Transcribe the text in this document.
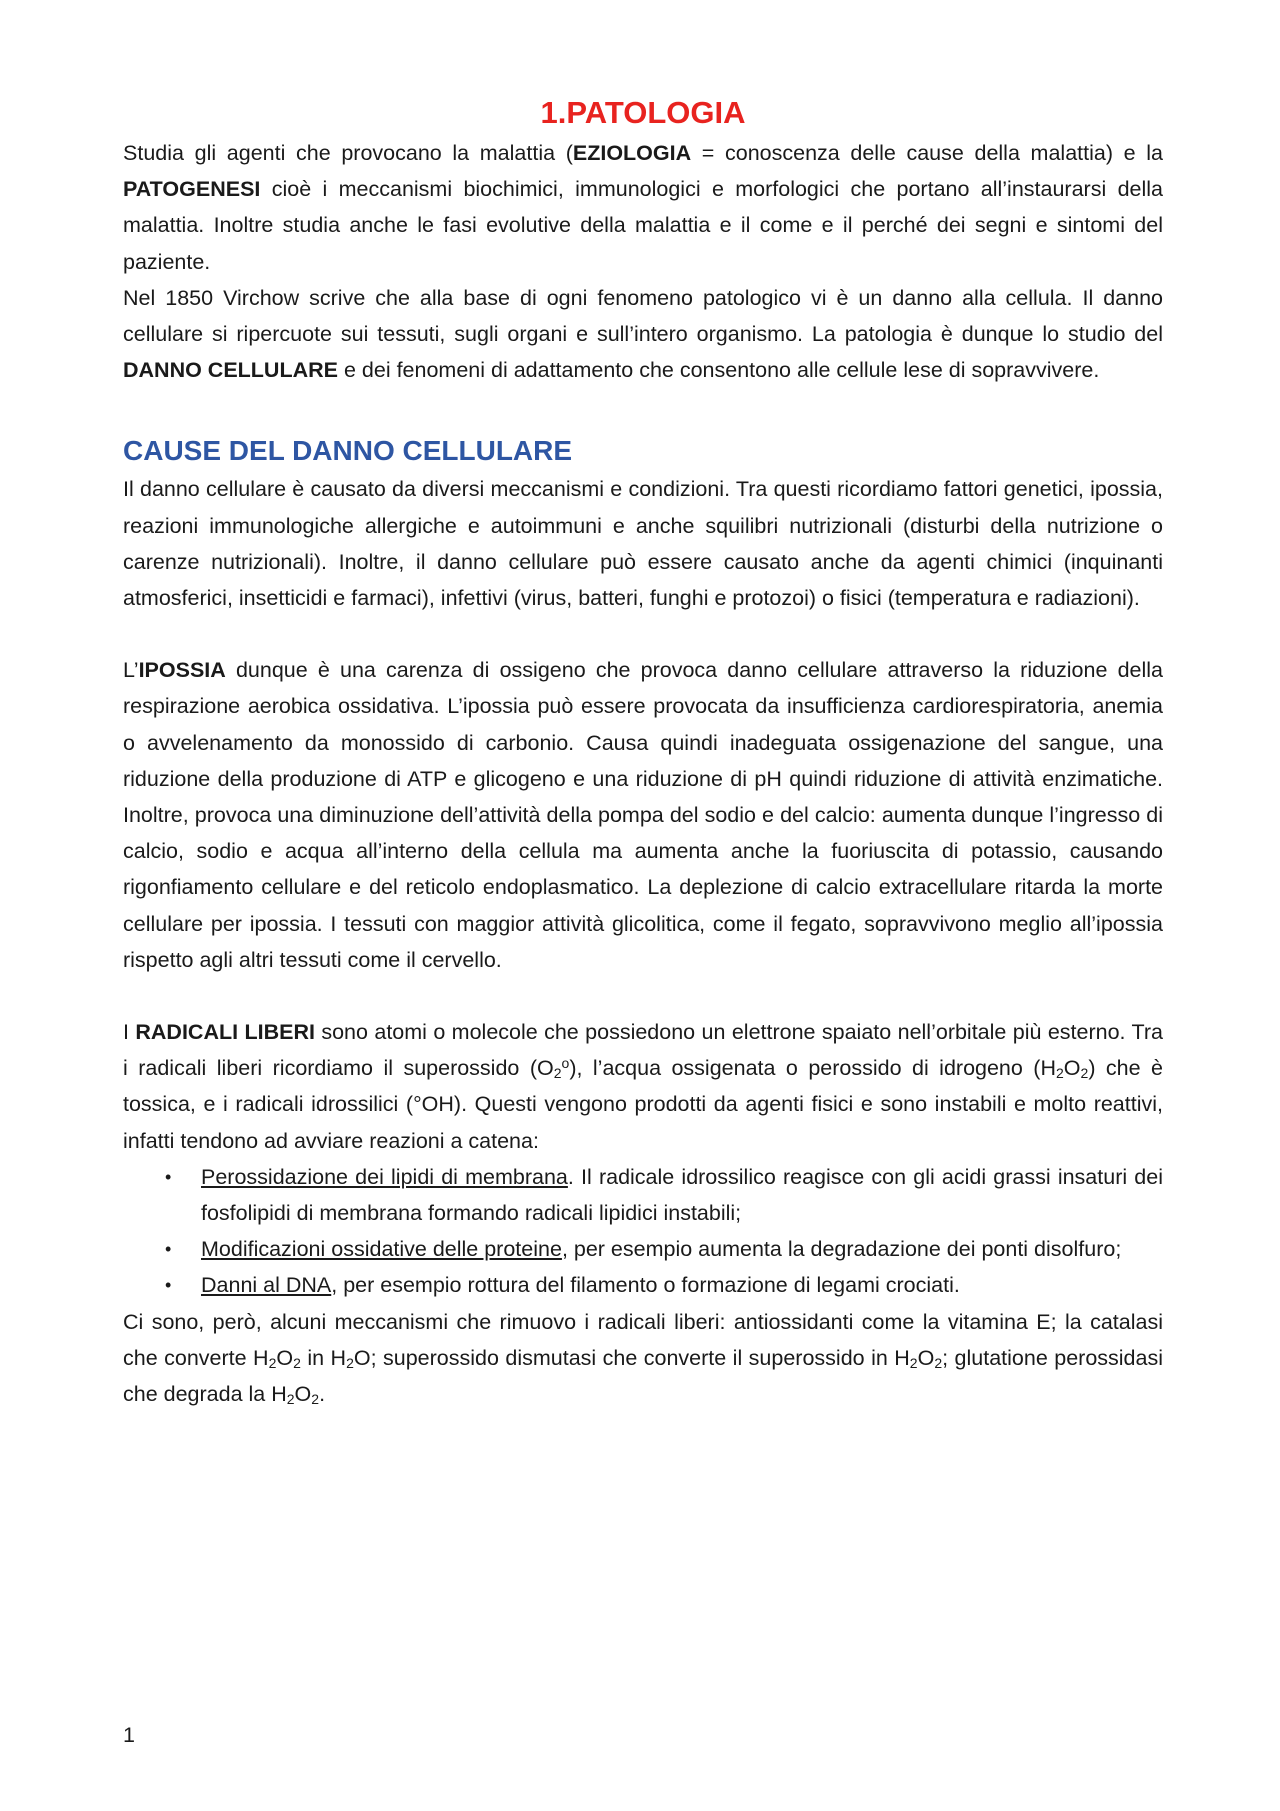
1.PATOLOGIA

Studia gli agenti che provocano la malattia (EZIOLOGIA = conoscenza delle cause della malattia) e la PATOGENESI cioè i meccanismi biochimici, immunologici e morfologici che portano all’instaurarsi della malattia. Inoltre studia anche le fasi evolutive della malattia e il come e il perché dei segni e sintomi del paziente.

Nel 1850 Virchow scrive che alla base di ogni fenomeno patologico vi è un danno alla cellula. Il danno cellulare si ripercuote sui tessuti, sugli organi e sull’intero organismo. La patologia è dunque lo studio del DANNO CELLULARE e dei fenomeni di adattamento che consentono alle cellule lese di sopravvivere.

CAUSE DEL DANNO CELLULARE

Il danno cellulare è causato da diversi meccanismi e condizioni. Tra questi ricordiamo fattori genetici, ipossia, reazioni immunologiche allergiche e autoimmuni e anche squilibri nutrizionali (disturbi della nutrizione o carenze nutrizionali). Inoltre, il danno cellulare può essere causato anche da agenti chimici (inquinanti atmosferici, insetticidi e farmaci), infettivi (virus, batteri, funghi e protozoi) o fisici (temperatura e radiazioni).

L’IPOSSIA dunque è una carenza di ossigeno che provoca danno cellulare attraverso la riduzione della respirazione aerobica ossidativa. L’ipossia può essere provocata da insufficienza cardiorespiratoria, anemia o avvelenamento da monossido di carbonio. Causa quindi inadeguata ossigenazione del sangue, una riduzione della produzione di ATP e glicogeno e una riduzione di pH quindi riduzione di attività enzimatiche. Inoltre, provoca una diminuzione dell’attività della pompa del sodio e del calcio: aumenta dunque l’ingresso di calcio, sodio e acqua all’interno della cellula ma aumenta anche la fuoriuscita di potassio, causando rigonfiamento cellulare e del reticolo endoplasmatico. La deplezione di calcio extracellulare ritarda la morte cellulare per ipossia. I tessuti con maggior attività glicolitica, come il fegato, sopravvivono meglio all’ipossia rispetto agli altri tessuti come il cervello.

I RADICALI LIBERI sono atomi o molecole che possiedono un elettrone spaiato nell’orbitale più esterno. Tra i radicali liberi ricordiamo il superossido $(O_2^o)$, l’acqua ossigenata o perossido di idrogeno $(H_2O_2)$ che è tossica, e i radicali idrossilici (°OH). Questi vengono prodotti da agenti fisici e sono instabili e molto reattivi, infatti tendono ad avviare reazioni a catena:

• Perossidazione dei lipidi di membrana. Il radicale idrossilico reagisce con gli acidi grassi insaturi dei fosfolipidi di membrana formando radicali lipidici instabili;
• Modificazioni ossidative delle proteine, per esempio aumenta la degradazione dei ponti disolfuro;
• Danni al DNA, per esempio rottura del filamento o formazione di legami crociati.

Ci sono, però, alcuni meccanismi che rimuovo i radicali liberi: antiossidanti come la vitamina E; la catalasi che converte $H_2O_2$ in $H_2O$; superossido dismutasi che converte il superossido in $H_2O_2$; glutatione perossidasi che degrada la $H_2O_2$.

1
